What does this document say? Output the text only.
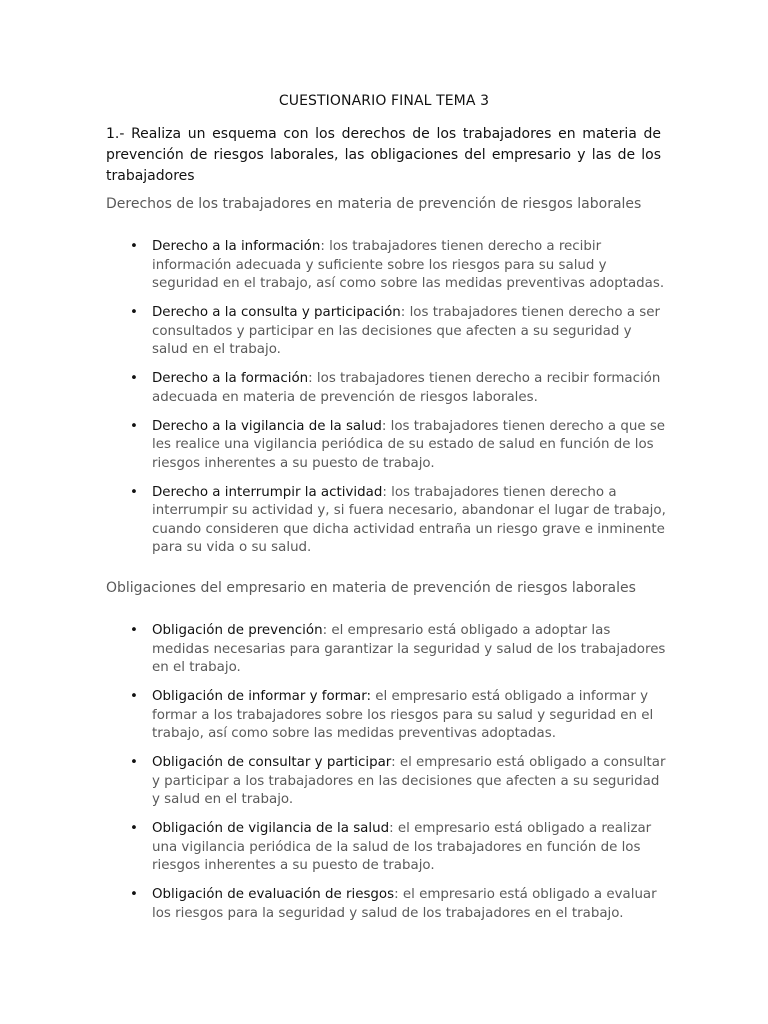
CUESTIONARIO FINAL TEMA 3
1.- Realiza un esquema con los derechos de los trabajadores en materia de prevención de riesgos laborales, las obligaciones del empresario y las de los trabajadores
Derechos de los trabajadores en materia de prevención de riesgos laborales
• Derecho a la información: los trabajadores tienen derecho a recibir información adecuada y suficiente sobre los riesgos para su salud y seguridad en el trabajo, así como sobre las medidas preventivas adoptadas.
• Derecho a la consulta y participación: los trabajadores tienen derecho a ser consultados y participar en las decisiones que afecten a su seguridad y salud en el trabajo.
• Derecho a la formación: los trabajadores tienen derecho a recibir formación adecuada en materia de prevención de riesgos laborales.
• Derecho a la vigilancia de la salud: los trabajadores tienen derecho a que se les realice una vigilancia periódica de su estado de salud en función de los riesgos inherentes a su puesto de trabajo.
• Derecho a interrumpir la actividad: los trabajadores tienen derecho a interrumpir su actividad y, si fuera necesario, abandonar el lugar de trabajo, cuando consideren que dicha actividad entraña un riesgo grave e inminente para su vida o su salud.
Obligaciones del empresario en materia de prevención de riesgos laborales
• Obligación de prevención: el empresario está obligado a adoptar las medidas necesarias para garantizar la seguridad y salud de los trabajadores en el trabajo.
• Obligación de informar y formar: el empresario está obligado a informar y formar a los trabajadores sobre los riesgos para su salud y seguridad en el trabajo, así como sobre las medidas preventivas adoptadas.
• Obligación de consultar y participar: el empresario está obligado a consultar y participar a los trabajadores en las decisiones que afecten a su seguridad y salud en el trabajo.
• Obligación de vigilancia de la salud: el empresario está obligado a realizar una vigilancia periódica de la salud de los trabajadores en función de los riesgos inherentes a su puesto de trabajo.
• Obligación de evaluación de riesgos: el empresario está obligado a evaluar los riesgos para la seguridad y salud de los trabajadores en el trabajo.
